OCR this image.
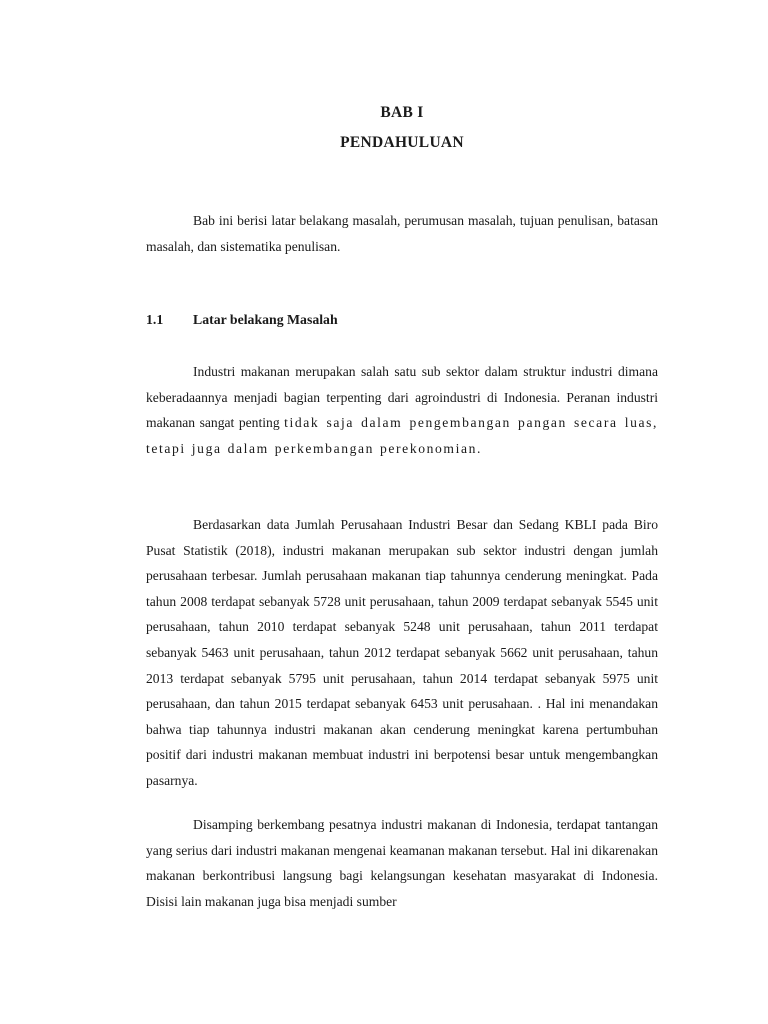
BAB I
PENDAHULUAN

Bab ini berisi latar belakang masalah, perumusan masalah, tujuan penulisan, batasan masalah, dan sistematika penulisan.

1.1	Latar belakang Masalah

Industri makanan merupakan salah satu sub sektor dalam struktur industri dimana keberadaannya menjadi bagian terpenting dari agroindustri di Indonesia. Peranan industri makanan sangat penting tidak saja dalam pengembangan pangan secara luas, tetapi juga dalam perkembangan perekonomian.

Berdasarkan data Jumlah Perusahaan Industri Besar dan Sedang KBLI pada Biro Pusat Statistik (2018), industri makanan merupakan sub sektor industri dengan jumlah perusahaan terbesar. Jumlah perusahaan makanan tiap tahunnya cenderung meningkat. Pada tahun 2008 terdapat sebanyak 5728 unit perusahaan, tahun 2009 terdapat sebanyak 5545 unit perusahaan, tahun 2010 terdapat sebanyak 5248 unit perusahaan, tahun 2011 terdapat sebanyak 5463 unit perusahaan, tahun 2012 terdapat sebanyak 5662 unit perusahaan, tahun 2013 terdapat sebanyak 5795 unit perusahaan, tahun 2014 terdapat sebanyak 5975 unit perusahaan, dan tahun 2015 terdapat sebanyak 6453 unit perusahaan. . Hal ini menandakan bahwa tiap tahunnya industri makanan akan cenderung meningkat karena pertumbuhan positif dari industri makanan membuat industri ini berpotensi besar untuk mengembangkan pasarnya.

Disamping berkembang pesatnya industri makanan di Indonesia, terdapat tantangan yang serius dari industri makanan mengenai keamanan makanan tersebut. Hal ini dikarenakan makanan berkontribusi langsung bagi kelangsungan kesehatan masyarakat di Indonesia. Disisi lain makanan juga bisa menjadi sumber
